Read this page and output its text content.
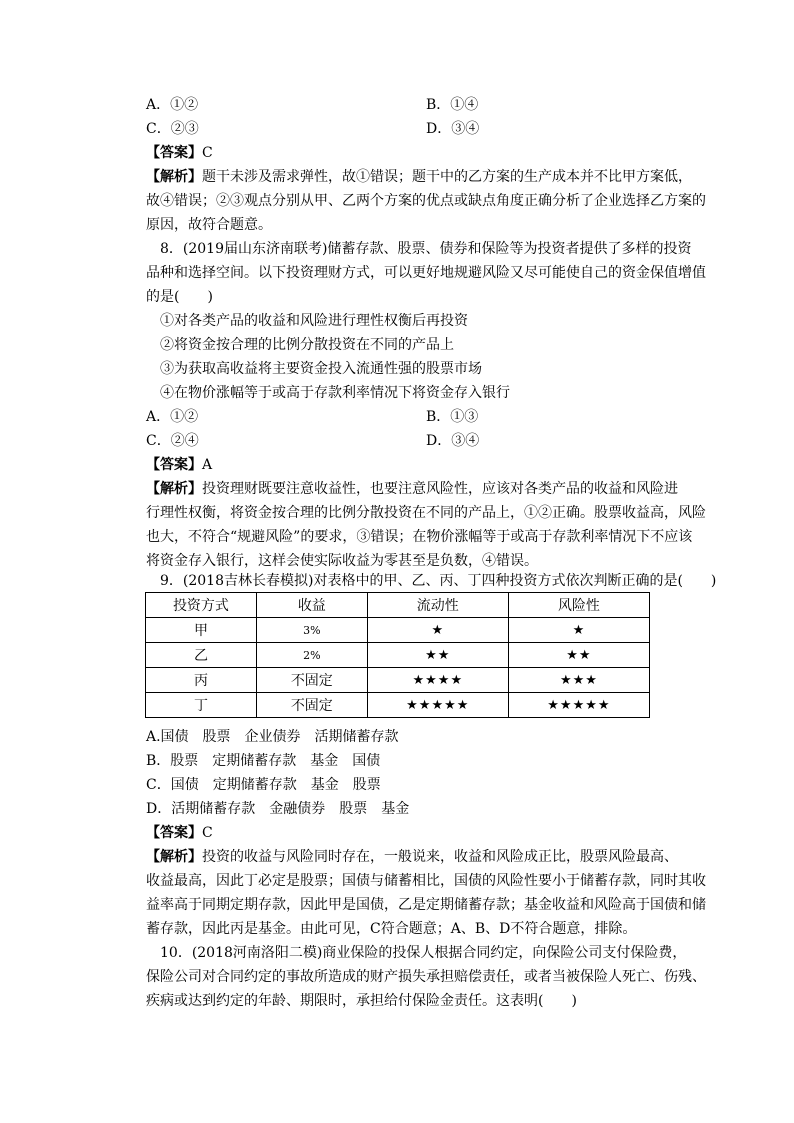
A．①②	B．①④
C．②③	D．③④
【答案】C
【解析】题干未涉及需求弹性，故①错误；题干中的乙方案的生产成本并不比甲方案低，
故④错误；②③观点分别从甲、乙两个方案的优点或缺点角度正确分析了企业选择乙方案的
原因，故符合题意。
8．(2019届山东济南联考)储蓄存款、股票、债券和保险等为投资者提供了多样的投资
品种和选择空间。以下投资理财方式，可以更好地规避风险又尽可能使自己的资金保值增值
的是(　　)
①对各类产品的收益和风险进行理性权衡后再投资
②将资金按合理的比例分散投资在不同的产品上
③为获取高收益将主要资金投入流通性强的股票市场
④在物价涨幅等于或高于存款利率情况下将资金存入银行
A．①②	B．①③
C．②④	D．③④
【答案】A
【解析】投资理财既要注意收益性，也要注意风险性，应该对各类产品的收益和风险进
行理性权衡，将资金按合理的比例分散投资在不同的产品上，①②正确。股票收益高，风险
也大，不符合“规避风险”的要求，③错误；在物价涨幅等于或高于存款利率情况下不应该
将资金存入银行，这样会使实际收益为零甚至是负数，④错误。
9．(2018吉林长春模拟)对表格中的甲、乙、丙、丁四种投资方式依次判断正确的是(　　)
投资方式	收益	流动性	风险性
甲	3%	★	★
乙	2%	★★	★★
丙	不固定	★★★★	★★★
丁	不固定	★★★★★	★★★★★
A.国债　股票　企业债券　活期储蓄存款
B．股票　定期储蓄存款　基金　国债
C．国债　定期储蓄存款　基金　股票
D．活期储蓄存款　金融债券　股票　基金
【答案】C
【解析】投资的收益与风险同时存在，一般说来，收益和风险成正比，股票风险最高、
收益最高，因此丁必定是股票；国债与储蓄相比，国债的风险性要小于储蓄存款，同时其收
益率高于同期定期存款，因此甲是国债，乙是定期储蓄存款；基金收益和风险高于国债和储
蓄存款，因此丙是基金。由此可见，C符合题意；A、B、D不符合题意，排除。
10．(2018河南洛阳二模)商业保险的投保人根据合同约定，向保险公司支付保险费，
保险公司对合同约定的事故所造成的财产损失承担赔偿责任，或者当被保险人死亡、伤残、
疾病或达到约定的年龄、期限时，承担给付保险金责任。这表明(　　)
